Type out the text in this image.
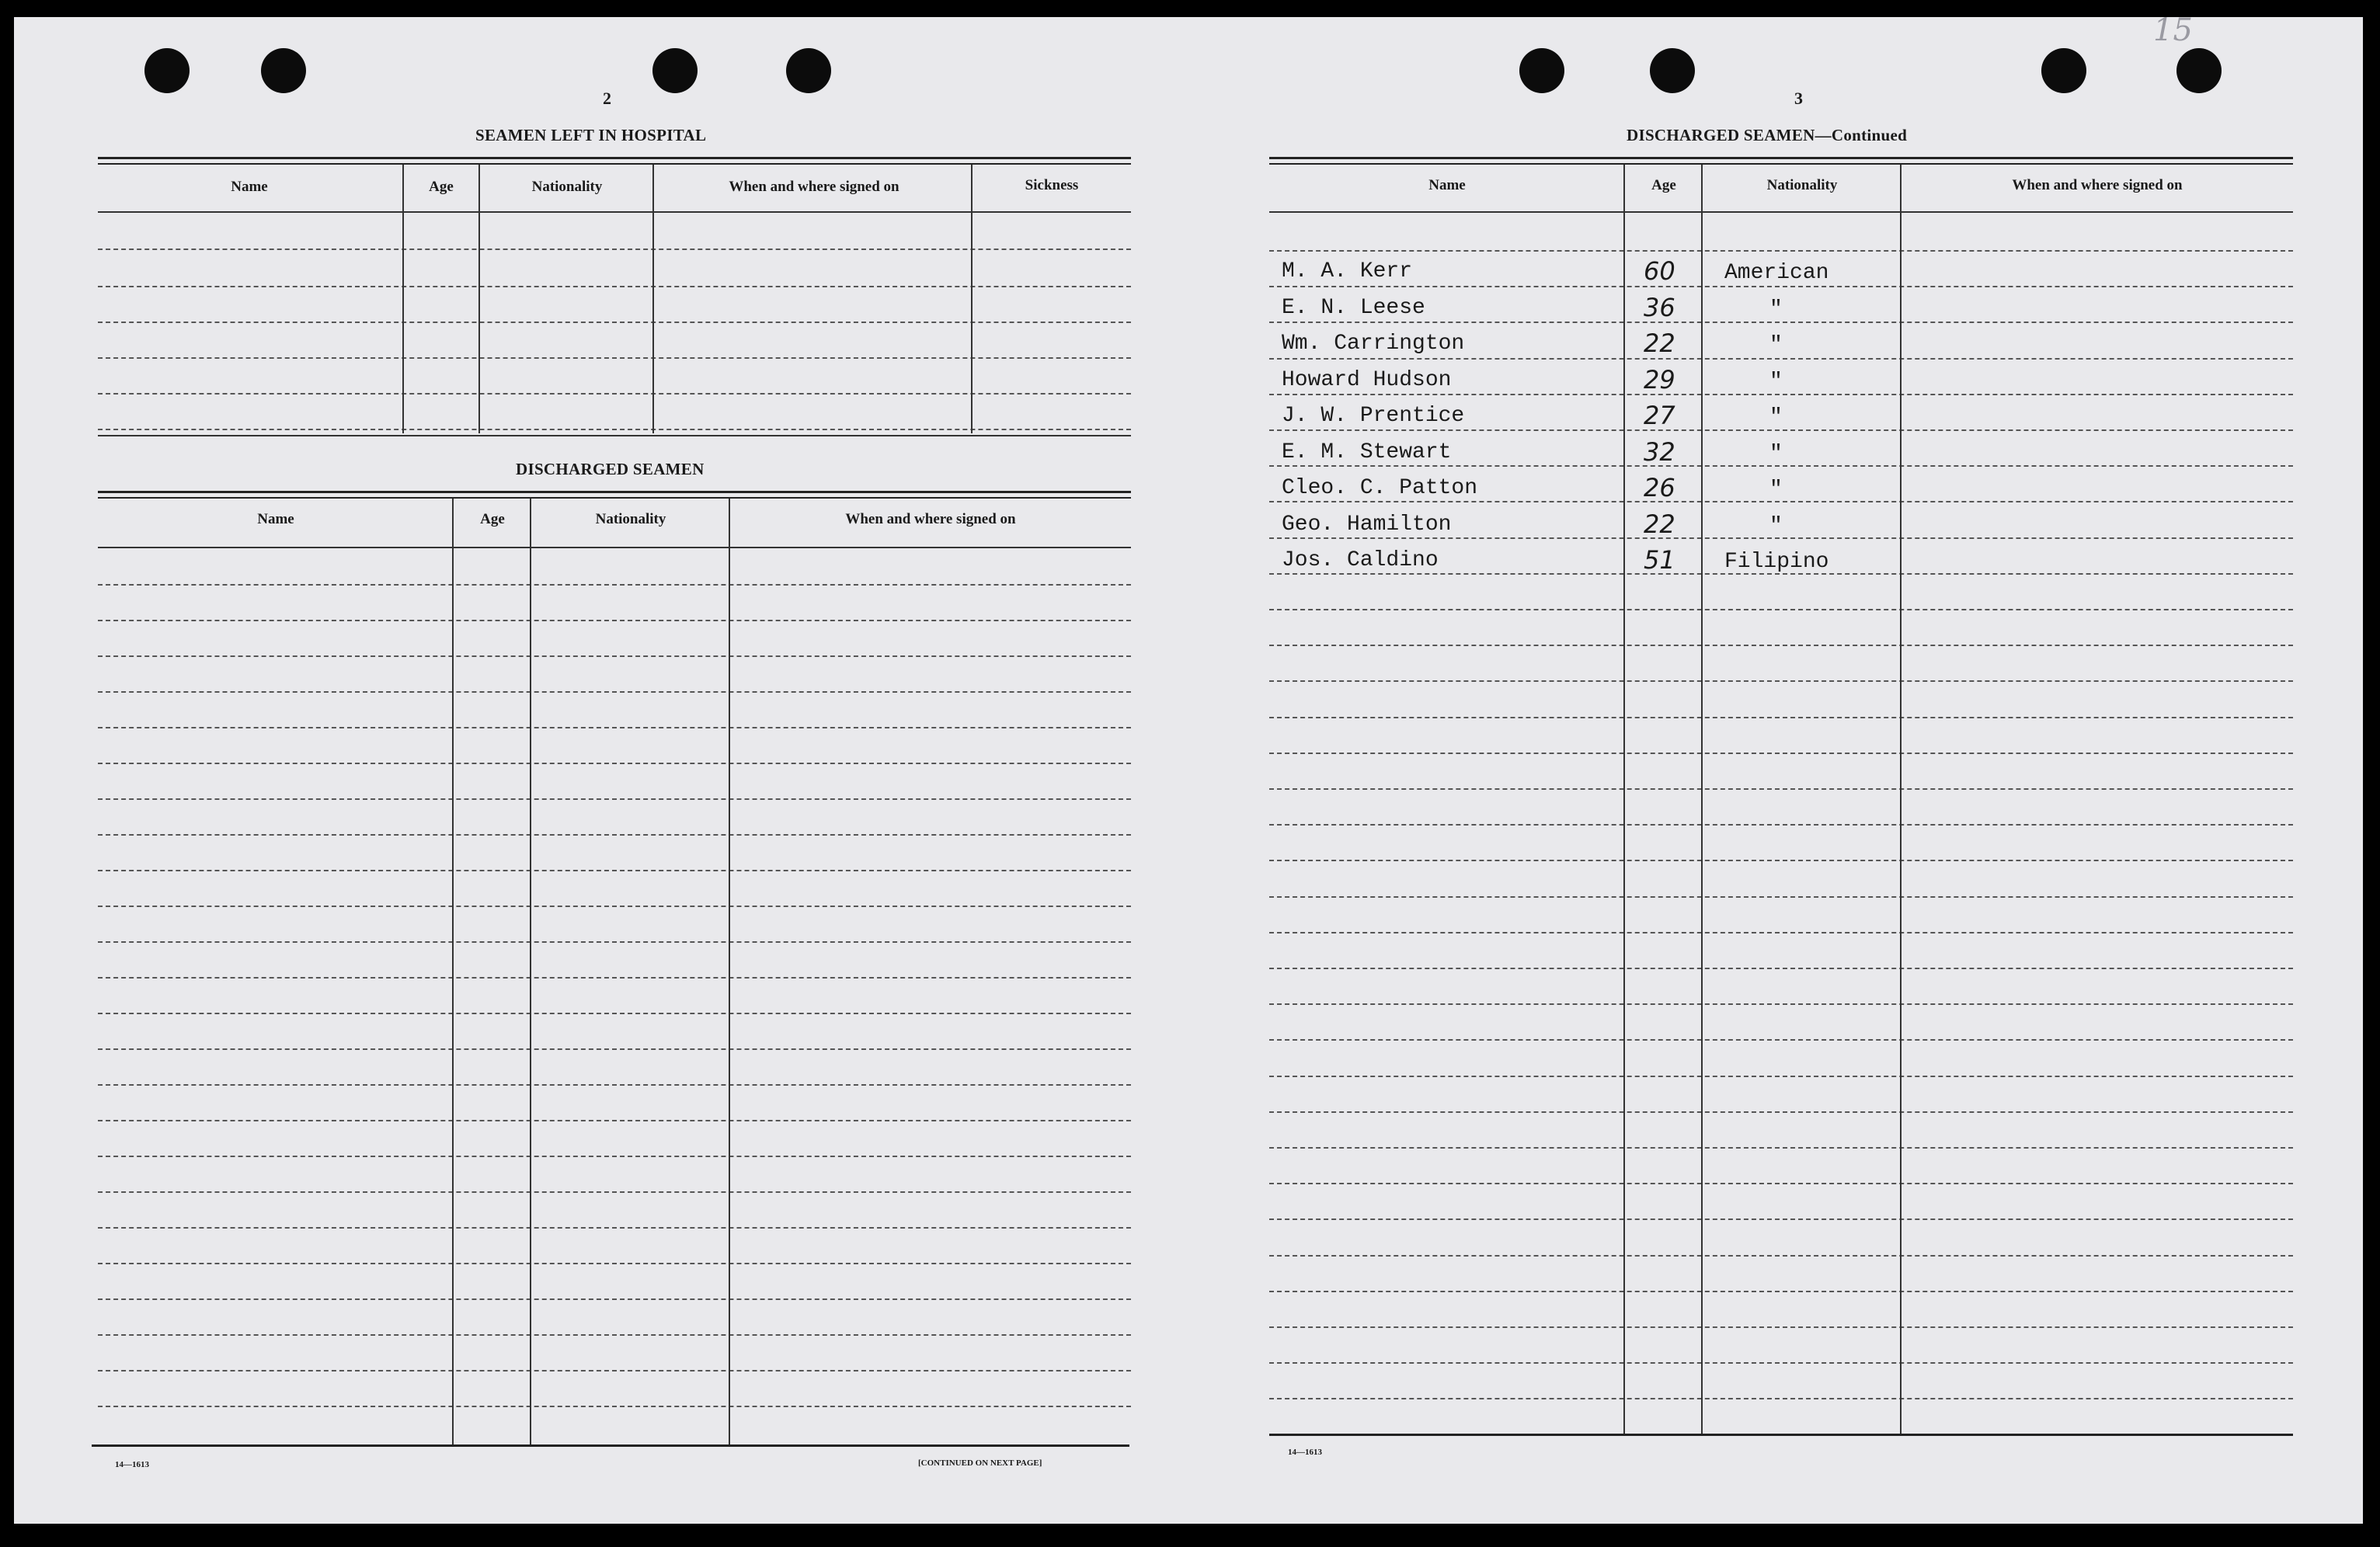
2
SEAMEN LEFT IN HOSPITAL
Name	Age	Nationality	When and where signed on	Sickness
DISCHARGED SEAMEN
Name	Age	Nationality	When and where signed on
14—1613	[CONTINUED ON NEXT PAGE]
15
3
DISCHARGED SEAMEN—Continued
Name	Age	Nationality	When and where signed on
M. A. Kerr	60 American
E. N. Leese	36	"
Wm. Carrington	22	"
Howard Hudson	29	"
J. W. Prentice	27	"
E. M. Stewart	32	"
Cleo. C. Patton	26	"
Geo. Hamilton	22	"
Jos. Caldino	51 Filipino
14—1613
